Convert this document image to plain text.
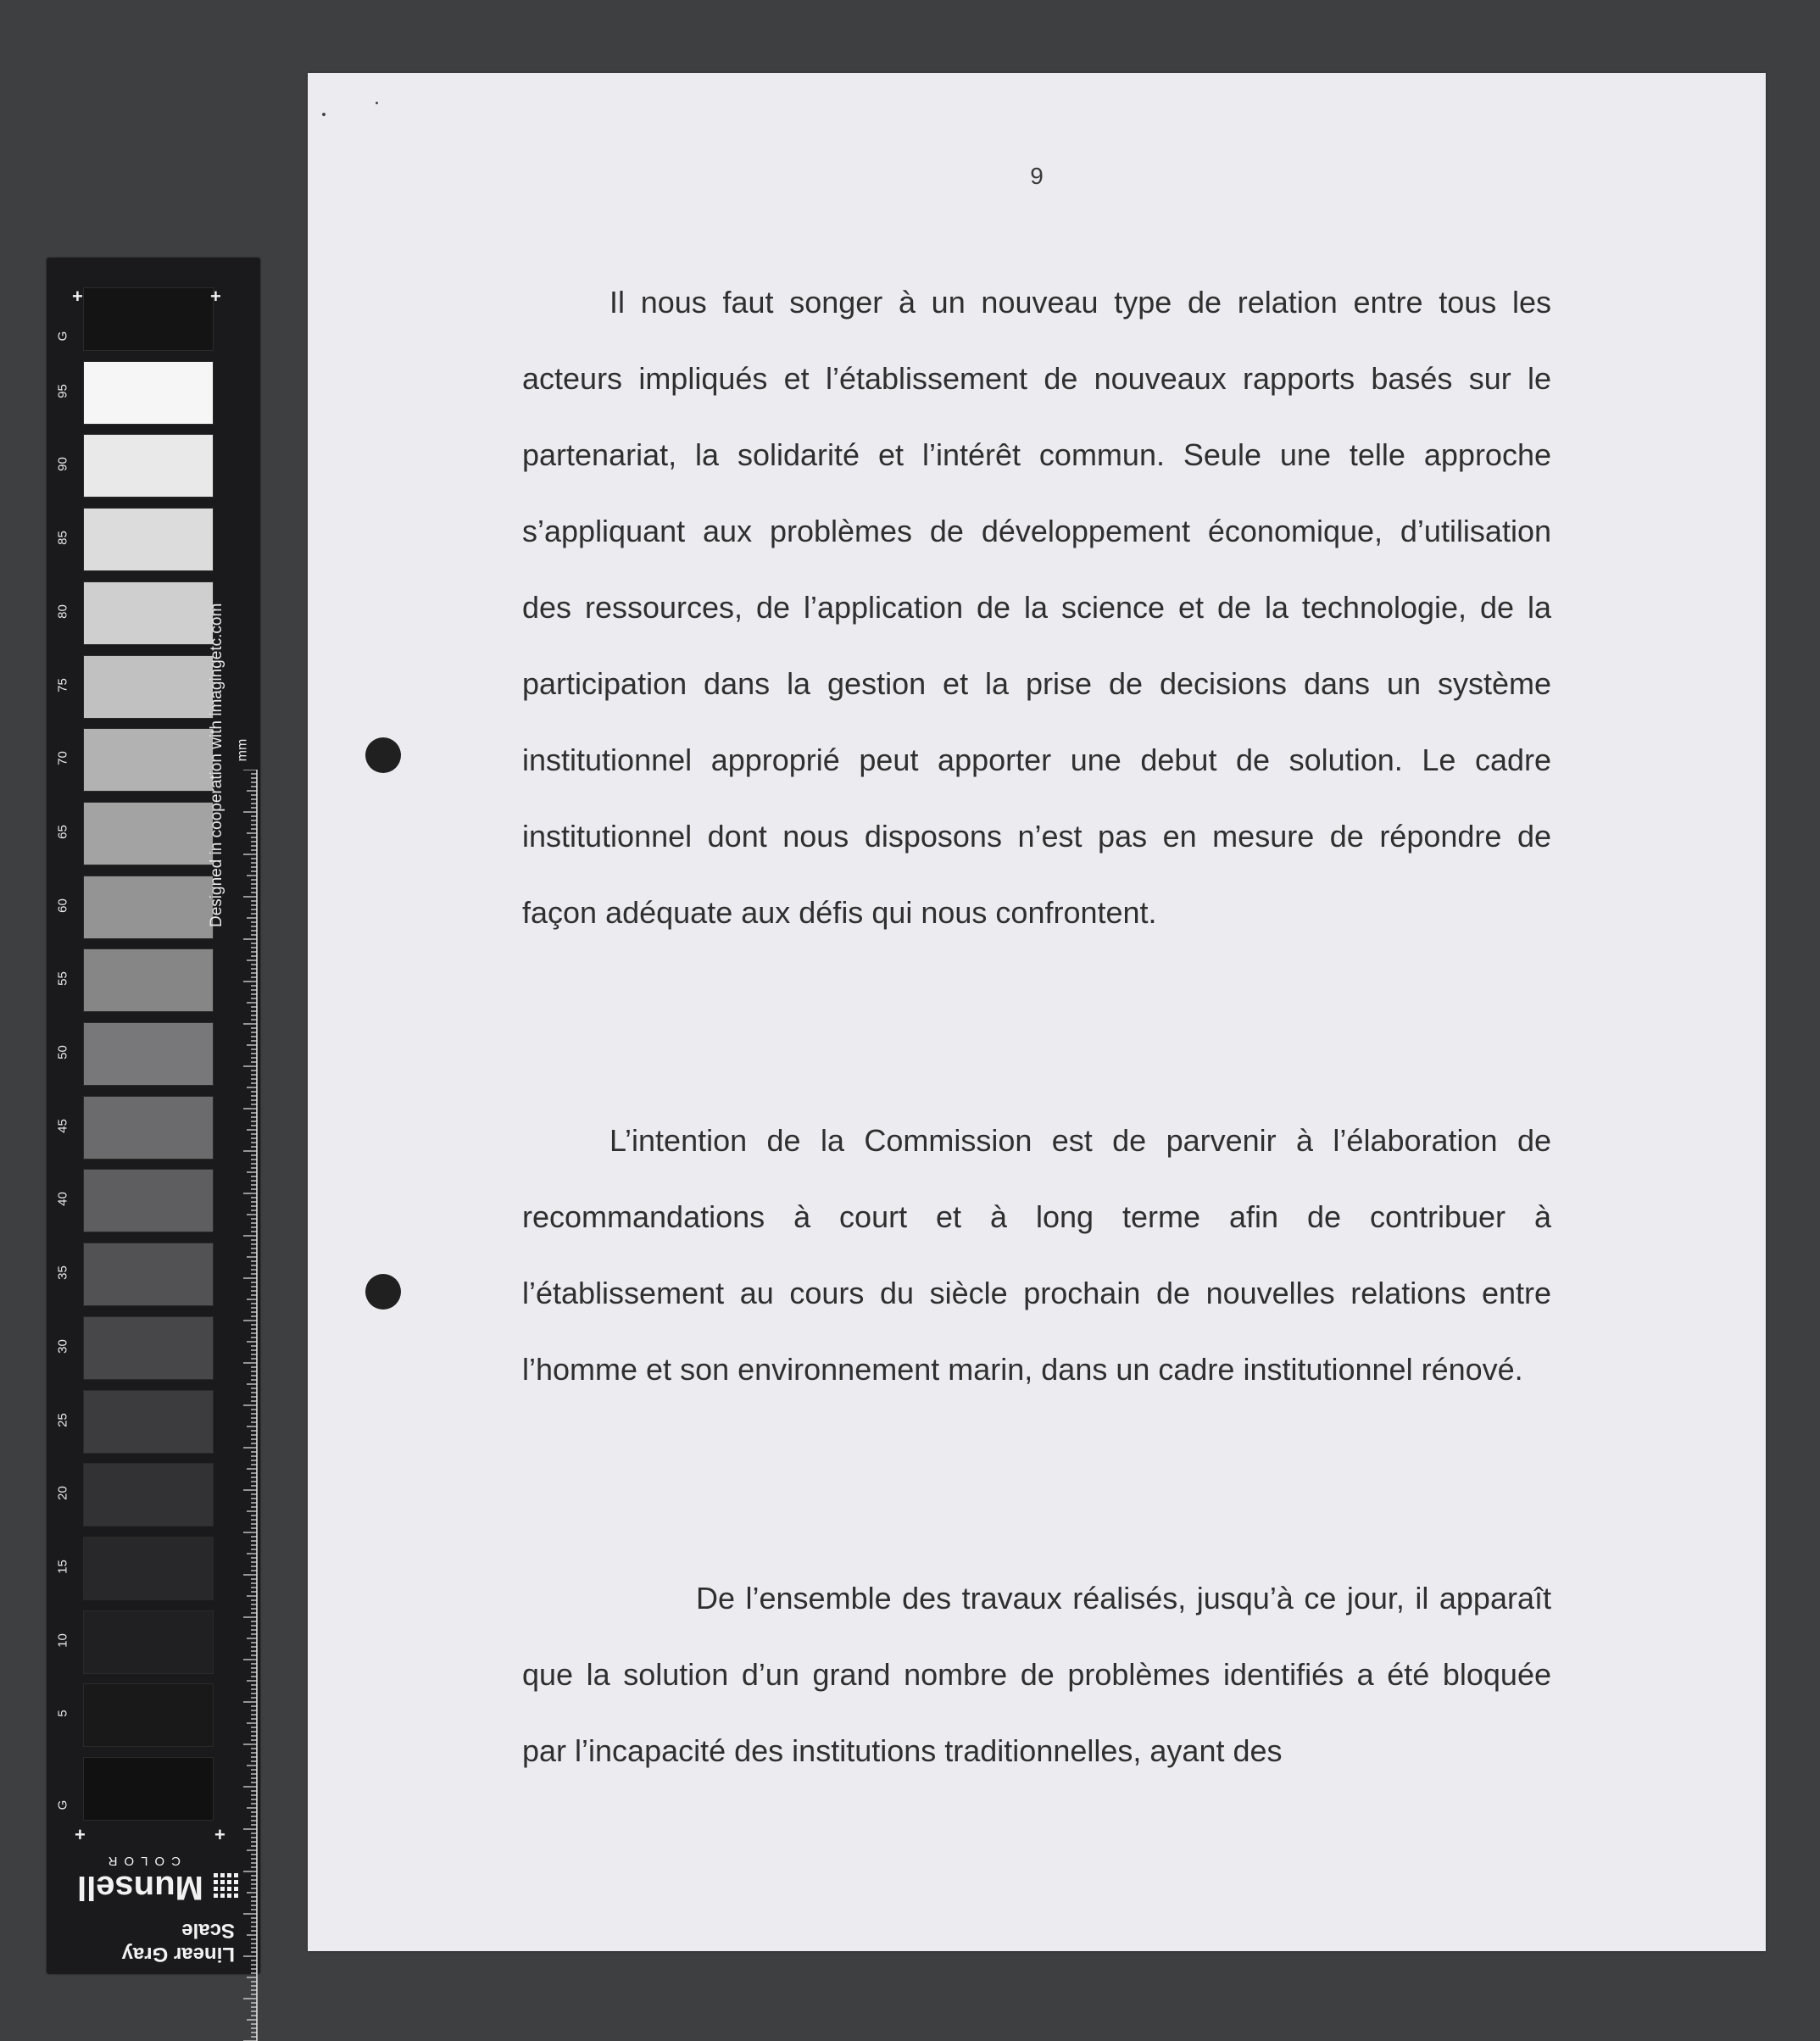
95
90
85
80
75
70
65
60
55
50
45
40
35
30
25
20
15
10
5
+	+
+	+
G
G
Designed in cooperation with imagingetc.com mm
Linear Gray Scale
Munsell
COLOR
9

Il nous faut songer à un nouveau type de relation entre tous les acteurs impliqués et l’établissement de nouveaux rapports basés sur le partenariat, la solidarité et l’intérêt commun. Seule une telle approche s’appliquant aux problèmes de développement économique, d’utilisation des ressources, de l’application de la science et de la technologie, de la participation dans la gestion et la prise de decisions dans un système institutionnel approprié peut apporter une debut de solution. Le cadre institutionnel dont nous disposons n’est pas en mesure de répondre de façon adéquate aux défis qui nous confrontent.

L’intention de la Commission est de parvenir à l’élaboration de recommandations à court et à long terme afin de contribuer à l’établissement au cours du siècle prochain de nouvelles relations entre l’homme et son environnement marin, dans un cadre institutionnel rénové.

De l’ensemble des travaux réalisés, jusqu’à ce jour, il apparaît que la solution d’un grand nombre de problèmes identifiés a été bloquée par l’incapacité des institutions traditionnelles, ayant des
